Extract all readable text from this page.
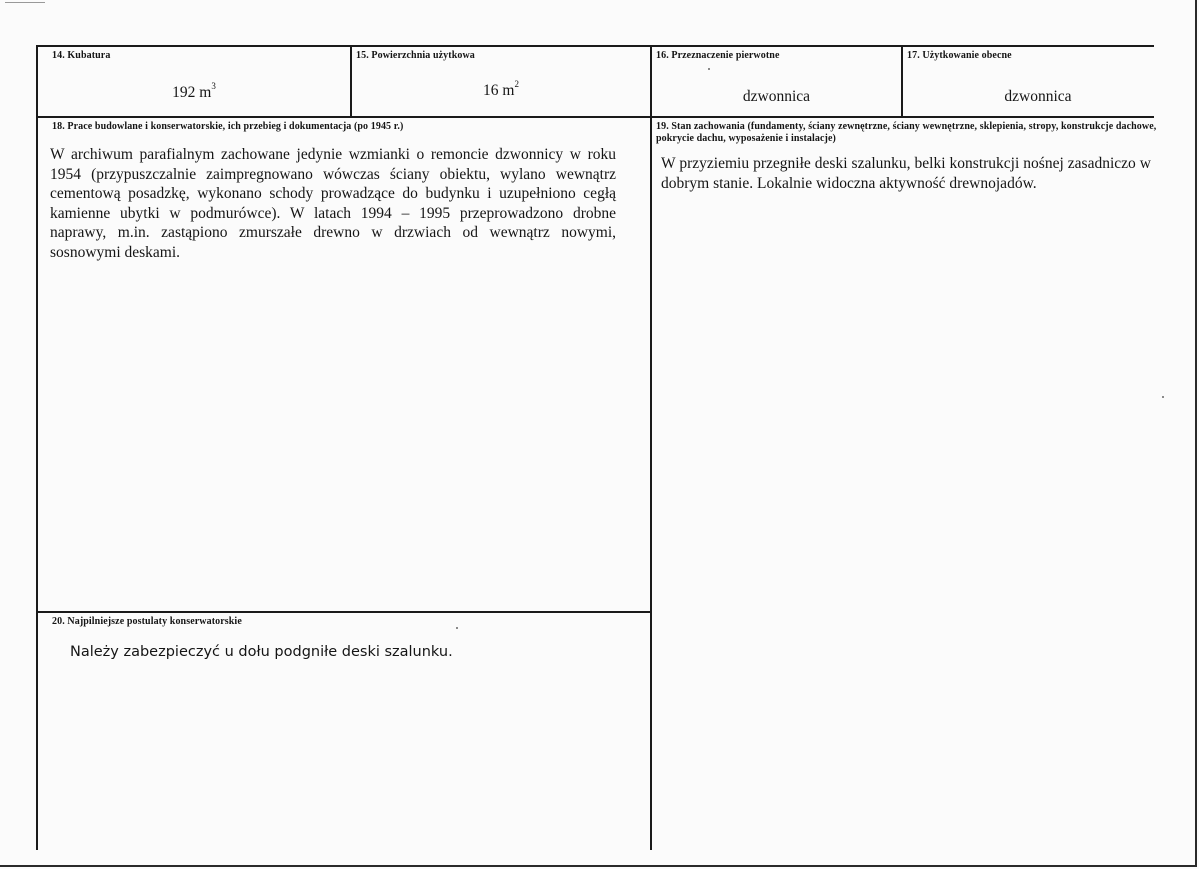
14. Kubatura
192 $m^3$
15. Powierzchnia użytkowa
16 $m^2$
16. Przeznaczenie pierwotne
dzwonnica
17. Użytkowanie obecne
dzwonnica
18. Prace budowlane i konserwatorskie, ich przebieg i dokumentacja (po 1945 r.)
W archiwum parafialnym zachowane jedynie wzmianki o remoncie dzwonnicy w roku 1954 (przypuszczalnie zaimpregnowano wówczas ściany obiektu, wylano wewnątrz cementową posadzkę, wykonano schody prowadzące do budynku i uzupełniono cegłą kamienne ubytki w podmurówce). W latach 1994 – 1995 przeprowadzono drobne naprawy, m.in. zastąpiono zmurszałe drewno w drzwiach od wewnątrz nowymi, sosnowymi deskami.
19. Stan zachowania (fundamenty, ściany zewnętrzne, ściany wewnętrzne, sklepienia, stropy, konstrukcje dachowe, pokrycie dachu, wyposażenie i instalacje)
W przyziemiu przegniłe deski szalunku, belki konstrukcji nośnej zasadniczo w dobrym stanie. Lokalnie widoczna aktywność drewnojadów.
20. Najpilniejsze postulaty konserwatorskie
Należy zabezpieczyć u dołu podgniłe deski szalunku.
